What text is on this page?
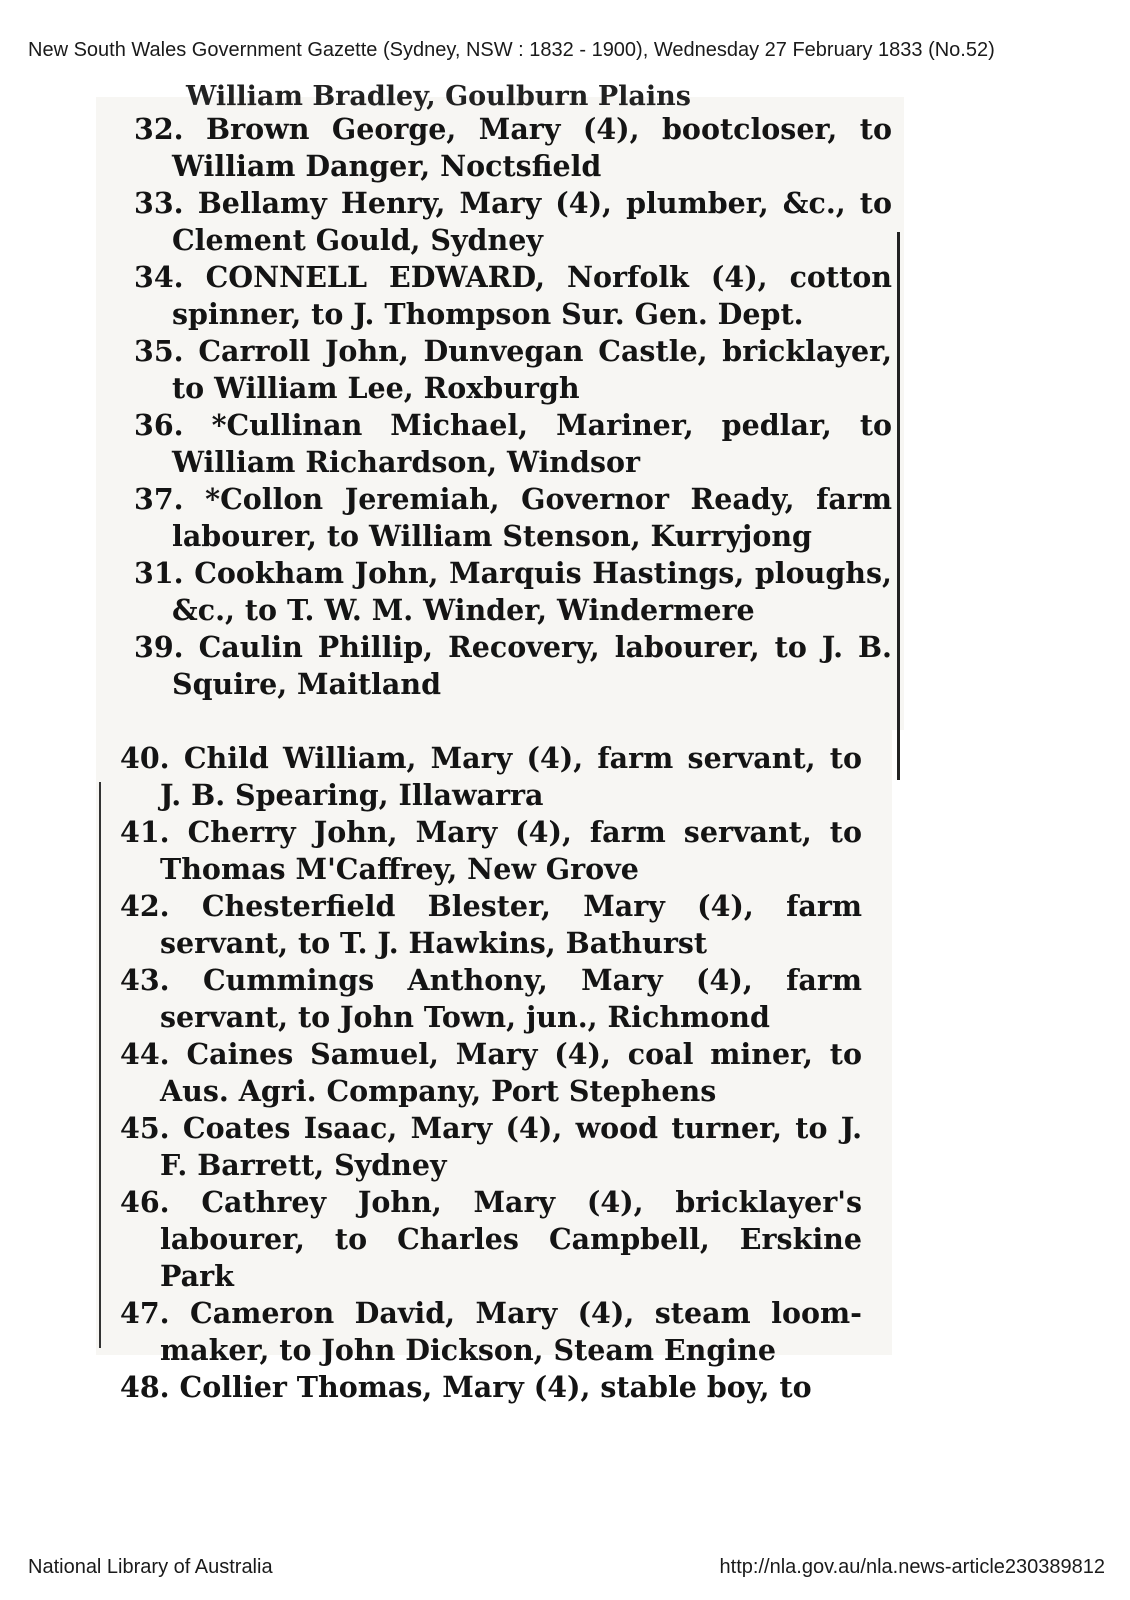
New South Wales Government Gazette (Sydney, NSW : 1832 - 1900), Wednesday 27 February 1833 (No.52)
William Bradley, Goulburn Plains

32. Brown George, Mary (4), bootcloser, to William Danger, Noctsfield

33. Bellamy Henry, Mary (4), plumber, &c., to Clement Gould, Sydney

34. CONNELL EDWARD, Norfolk (4), cotton spinner, to J. Thompson Sur. Gen. Dept.

35. Carroll John, Dunvegan Castle, bricklayer, to William Lee, Roxburgh

36. *Cullinan Michael, Mariner, pedlar, to William Richardson, Windsor

37. *Collon Jeremiah, Governor Ready, farm labourer, to William Stenson, Kurryjong

31. Cookham John, Marquis Hastings, ploughs, &c., to T. W. M. Winder, Windermere

39. Caulin Phillip, Recovery, labourer, to J. B. Squire, Maitland

40. Child William, Mary (4), farm servant, to J. B. Spearing, Illawarra

41. Cherry John, Mary (4), farm servant, to Thomas M'Caffrey, New Grove

42. Chesterfield Blester, Mary (4), farm servant, to T. J. Hawkins, Bathurst

43. Cummings Anthony, Mary (4), farm servant, to John Town, jun., Richmond

44. Caines Samuel, Mary (4), coal miner, to Aus. Agri. Company, Port Stephens

45. Coates Isaac, Mary (4), wood turner, to J. F. Barrett, Sydney

46. Cathrey John, Mary (4), bricklayer's labourer, to Charles Campbell, Erskine Park

47. Cameron David, Mary (4), steam loom-maker, to John Dickson, Steam Engine

48. Collier Thomas, Mary (4), stable boy, to

National Library of Australia	http://nla.gov.au/nla.news-article230389812
